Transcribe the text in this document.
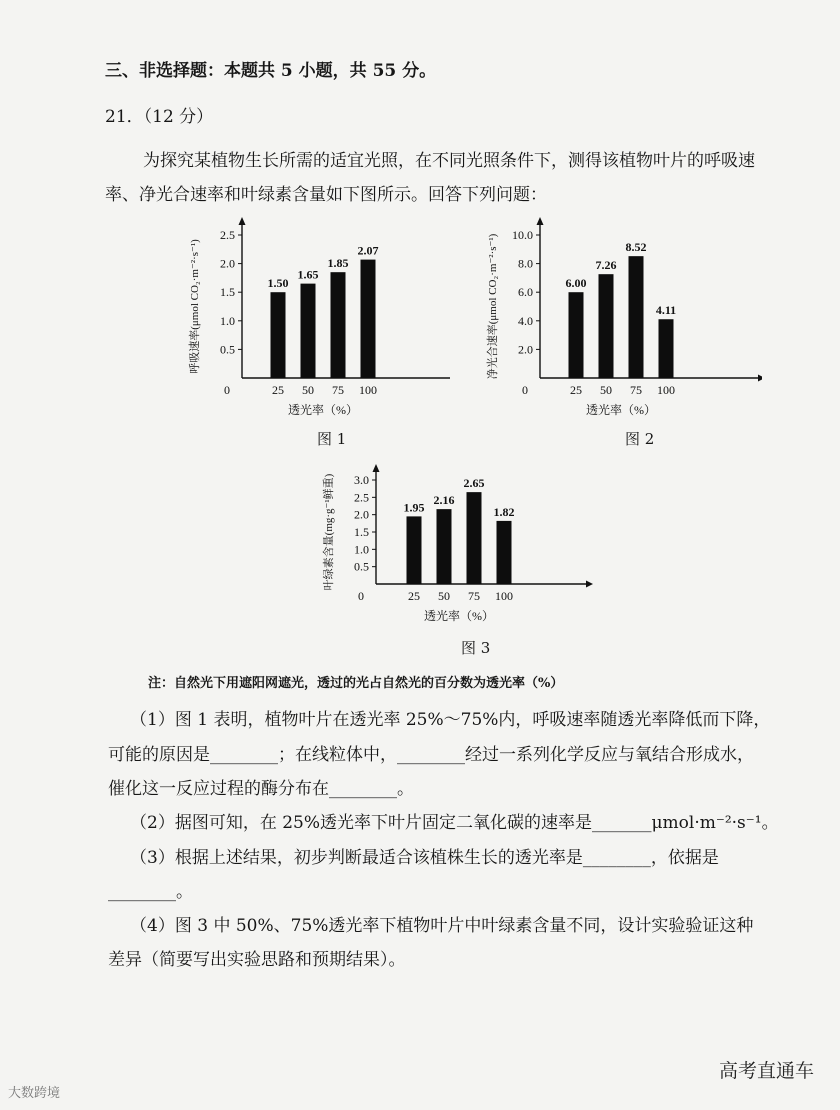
三、非选择题：本题共 5 小题，共 55 分。
21．（12 分）
为探究某植物生长所需的适宜光照，在不同光照条件下，测得该植物叶片的呼吸速
率、净光合速率和叶绿素含量如下图所示。回答下列问题：
0.5
1.0
1.5
2.0
2.5
0
1.50
25
1.65
50
1.85
75
2.07
100
透光率（%）
呼吸速率(μmol CO₂·m⁻²·s⁻¹)
图 1
2.0
4.0
6.0
8.0
10.0
0
6.00
25
7.26
50
8.52
75
4.11
100
透光率（%）
净光合速率(μmol CO₂·m⁻²·s⁻¹)
图 2
0.5
1.0
1.5
2.0
2.5
3.0
0
1.95
25
2.16
50
2.65
75
1.82
100
透光率（%）
叶绿素含量(mg·g⁻¹鲜重)
图 3
注：自然光下用遮阳网遮光，透过的光占自然光的百分数为透光率（%）
（1）图 1 表明，植物叶片在透光率 25%～75%内，呼吸速率随透光率降低而下降，
可能的原因是________；在线粒体中，________经过一系列化学反应与氧结合形成水，
催化这一反应过程的酶分布在________。
（2）据图可知，在 25%透光率下叶片固定二氧化碳的速率是_______μmol·m⁻²·s⁻¹。
（3）根据上述结果，初步判断最适合该植株生长的透光率是________，依据是
________。
（4）图 3 中 50%、75%透光率下植物叶片中叶绿素含量不同，设计实验验证这种
差异（简要写出实验思路和预期结果）。
高考直通车
大数跨境
